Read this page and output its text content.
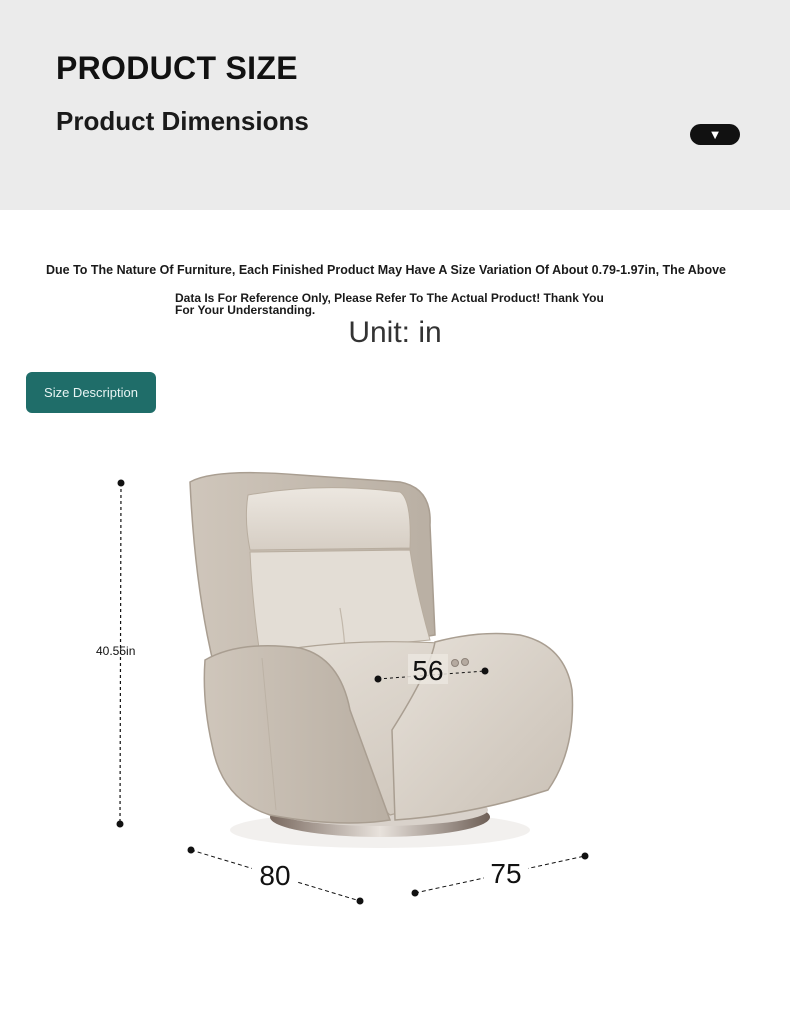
PRODUCT SIZE
Product Dimensions	▼
Due To The Nature Of Furniture, Each Finished Product May Have A Size Variation Of About 0.79-1.97in, The Above
Data Is For Reference Only, Please Refer To The Actual Product! Thank You For Your Understanding.
Unit: in
Size Description
40.55in
56
80	75
